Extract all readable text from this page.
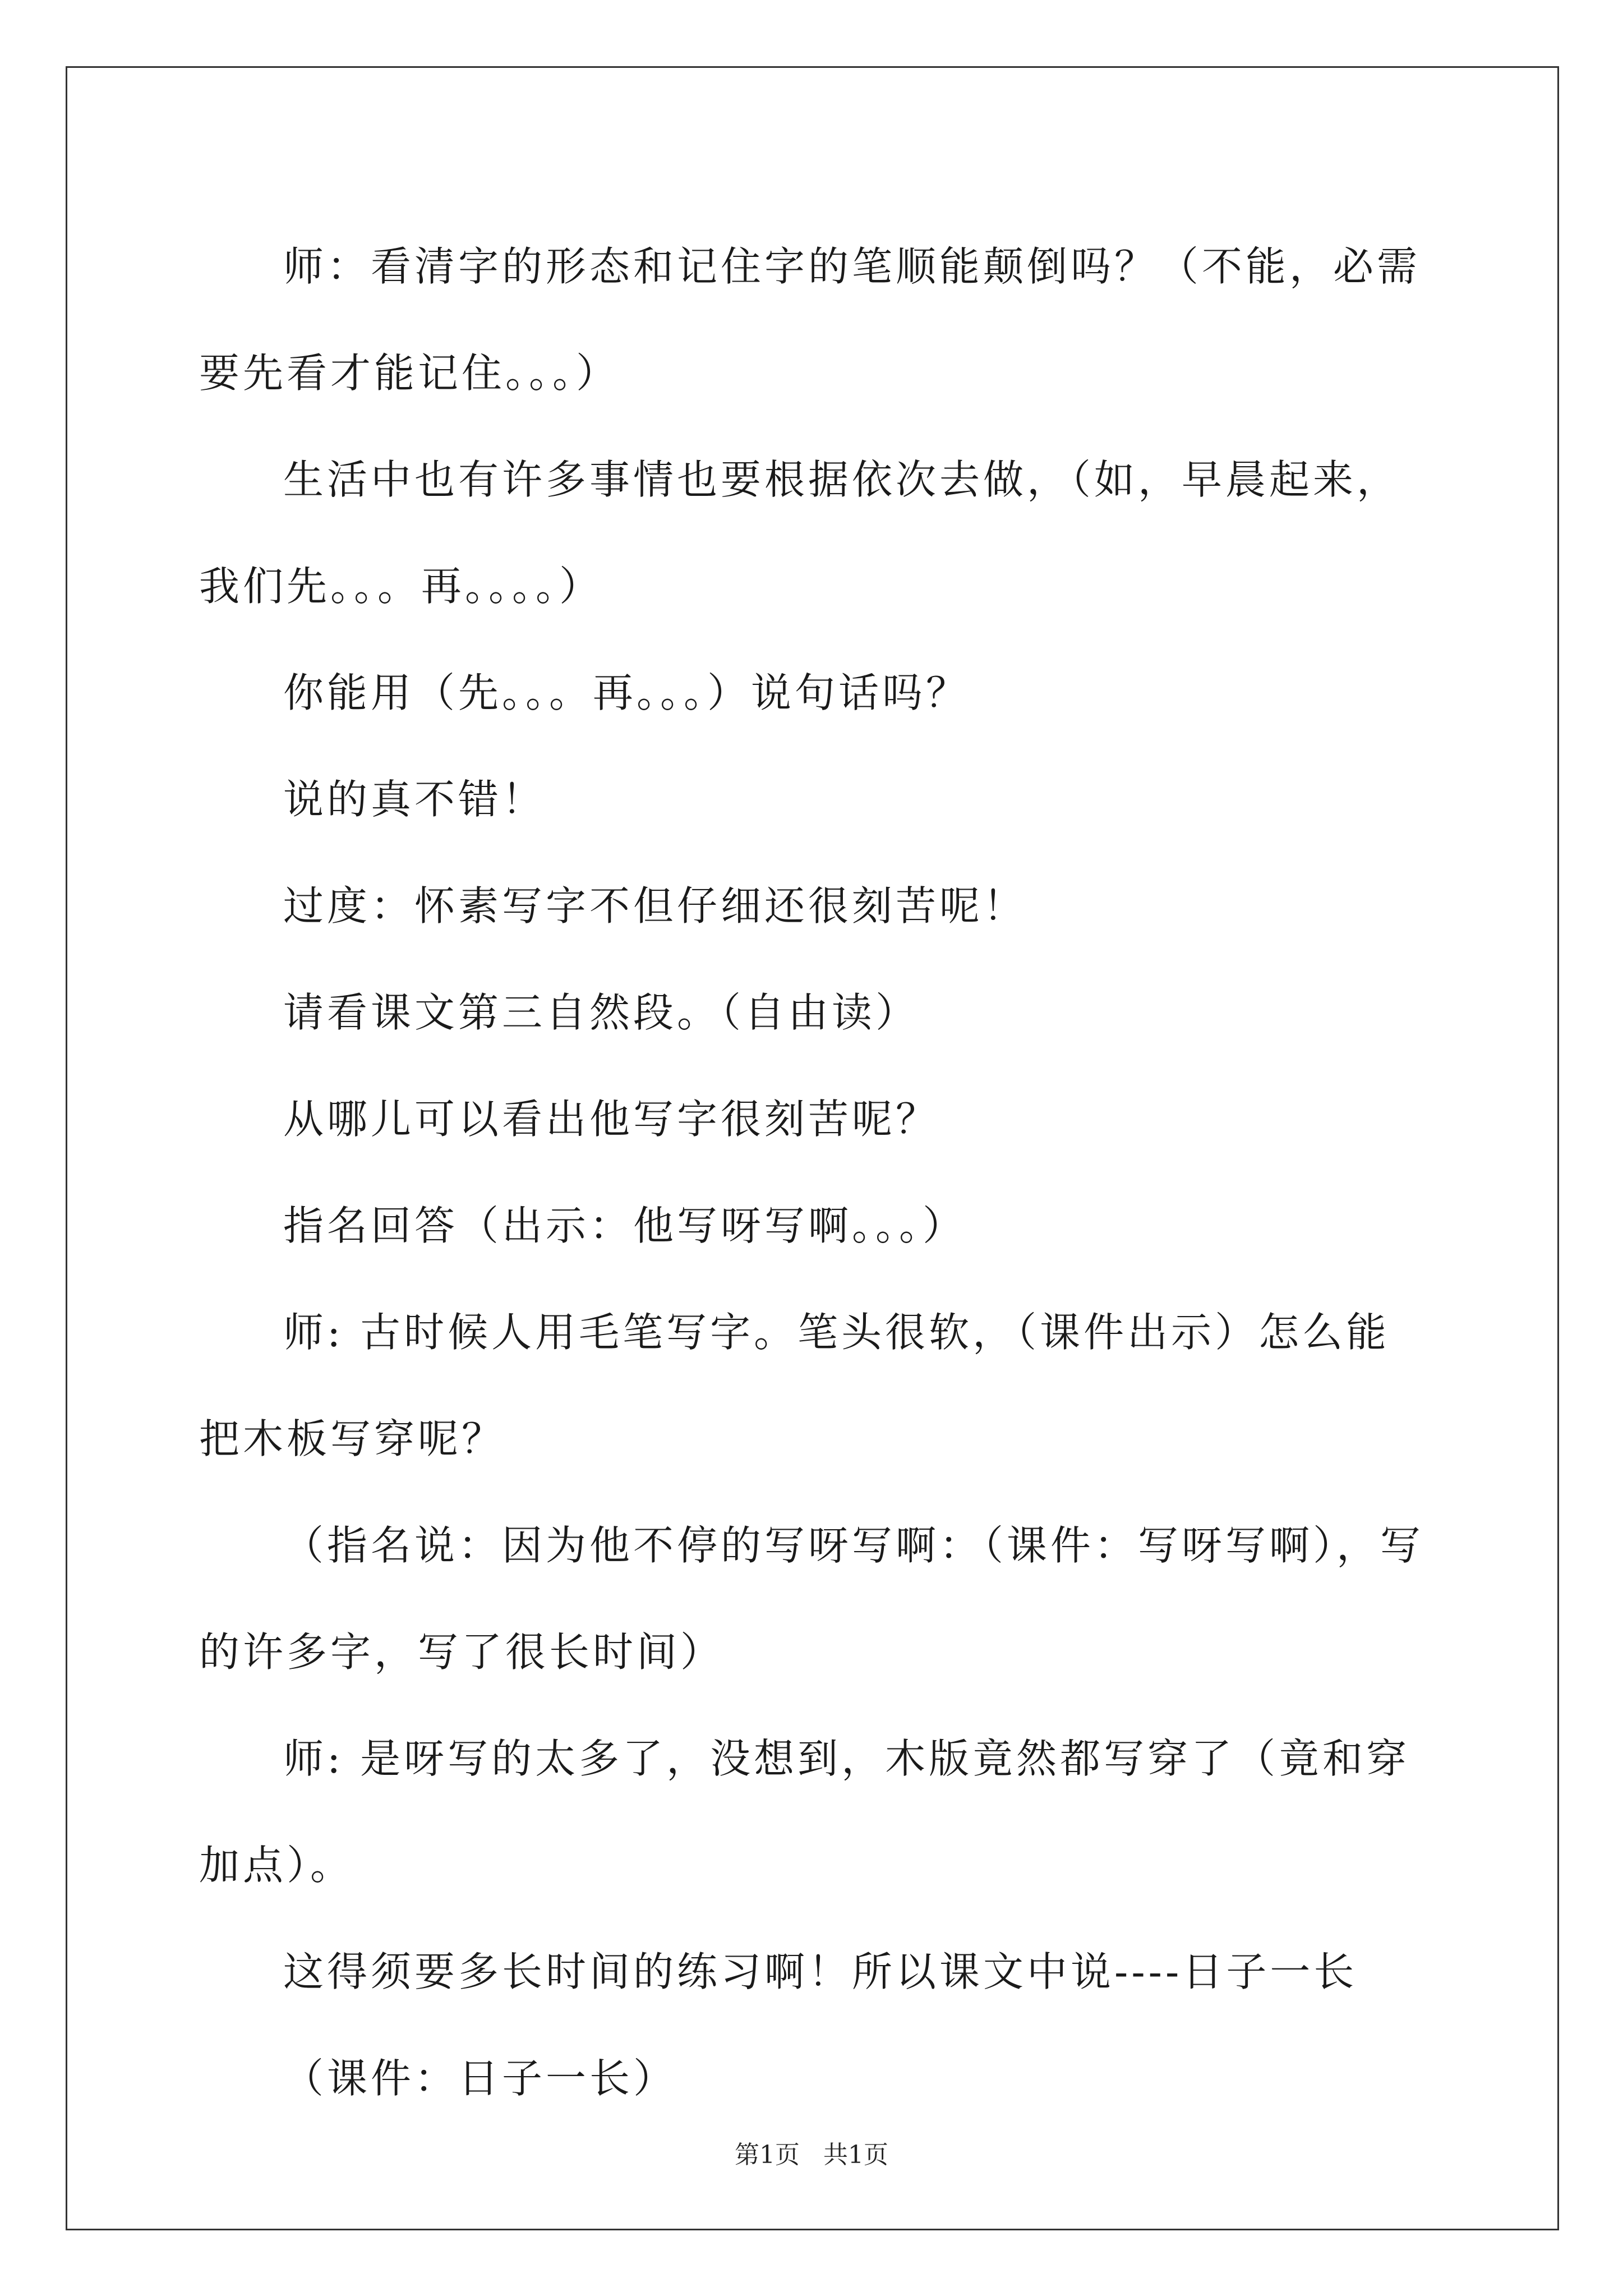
师：看清字的形态和记住字的笔顺能颠倒吗？（不能，必需要先看才能记住。。。）

生活中也有许多事情也要根据依次去做，（如，早晨起来，我们先。。。再。。。。）

你能用（先。。。再。。。）说句话吗？

说的真不错！

过度：怀素写字不但仔细还很刻苦呢！

请看课文第三自然段。（自由读）

从哪儿可以看出他写字很刻苦呢？

指名回答（出示：他写呀写啊。。。）

师: 古时候人用毛笔写字。笔头很软，（课件出示）怎么能把木板写穿呢？

（指名说：因为他不停的写呀写啊：（课件：写呀写啊），写的许多字，写了很长时间）

师: 是呀写的太多了，没想到，木版竟然都写穿了（竟和穿加点）。

这得须要多长时间的练习啊！所以课文中说----日子一长

（课件：日子一长）

第1页   共1页
